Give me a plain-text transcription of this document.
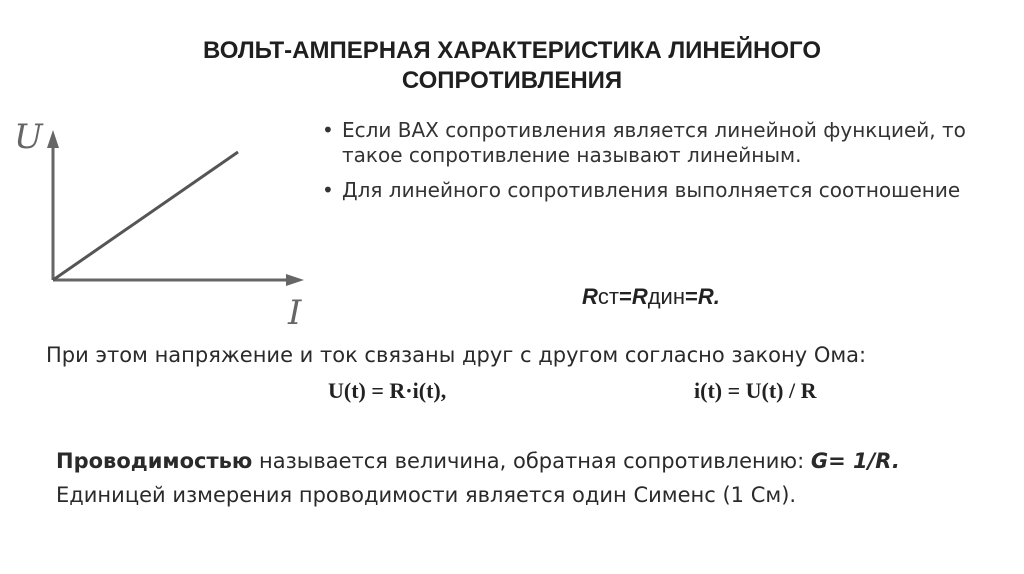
ВОЛЬТ-АМПЕРНАЯ ХАРАКТЕРИСТИКА ЛИНЕЙНОГО
СОПРОТИВЛЕНИЯ
U
I
• Если ВАХ сопротивления является линейной функцией, то такое сопротивление называют линейным.
• Для линейного сопротивления выполняется соотношение
Rст=Rдин=R.
При этом напряжение и ток связаны друг с другом согласно закону Ома:
U(t) = R·i(t),	i(t) = U(t) / R
Проводимостью называется величина, обратная сопротивлению: G= 1/R.
Единицей измерения проводимости является один Сименс (1 См).
